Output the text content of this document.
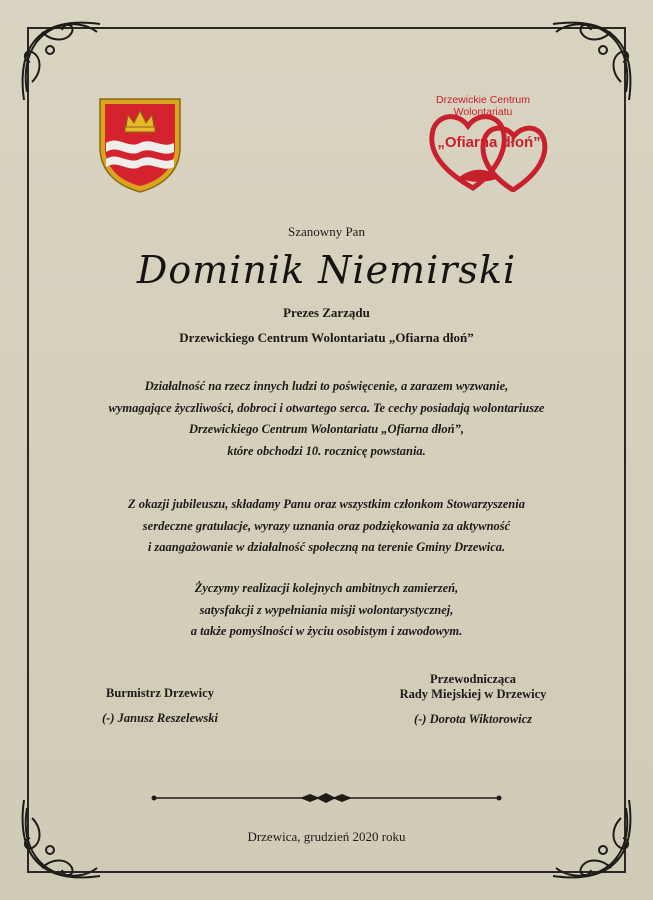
Drzewickie Centrum Wolontariatu
„Ofiarna dłoń”
Szanowny Pan
Dominik Niemirski
Prezes Zarządu
Drzewickiego Centrum Wolontariatu „Ofiarna dłoń”
Działalność na rzecz innych ludzi to poświęcenie, a zarazem wyzwanie,
wymagające życzliwości, dobroci i otwartego serca. Te cechy posiadają wolontariusze
Drzewickiego Centrum Wolontariatu „Ofiarna dłoń”,
które obchodzi 10. rocznicę powstania.
Z okazji jubileuszu, składamy Panu oraz wszystkim członkom Stowarzyszenia
serdeczne gratulacje, wyrazy uznania oraz podziękowania za aktywność
i zaangażowanie w działalność społeczną na terenie Gminy Drzewica.
Życzymy realizacji kolejnych ambitnych zamierzeń,
satysfakcji z wypełniania misji wolontarystycznej,
a także pomyślności w życiu osobistym i zawodowym.
Burmistrz Drzewicy
(-) Janusz Reszelewski
Przewodnicząca
Rady Miejskiej w Drzewicy
(-) Dorota Wiktorowicz
Drzewica, grudzień 2020 roku
